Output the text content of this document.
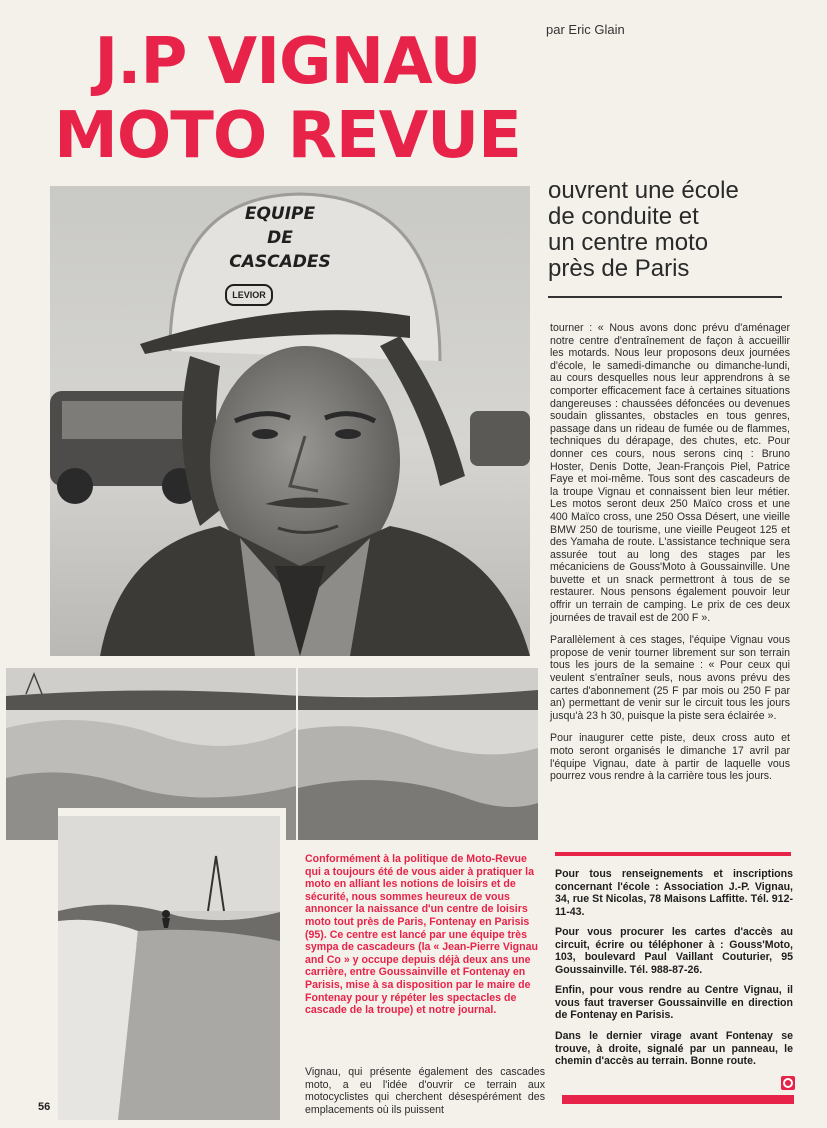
par Eric Glain
J.P VIGNAU
MOTO REVUE
ouvrent une école
de conduite et
un centre moto
près de Paris
EQUIPE
DE
CASCADES
LEVIOR

tourner : « Nous avons donc prévu d'aménager notre centre d'entraînement de façon à accueillir les motards. Nous leur proposons deux journées d'école, le samedi-dimanche ou dimanche-lundi, au cours desquelles nous leur apprendrons à se comporter efficacement face à certaines situations dangereuses : chaussées défoncées ou devenues soudain glissantes, obstacles en tous genres, passage dans un rideau de fumée ou de flammes, techniques du dérapage, des chutes, etc. Pour donner ces cours, nous serons cinq : Bruno Hoster, Denis Dotte, Jean-François Piel, Patrice Faye et moi-même. Tous sont des cascadeurs de la troupe Vignau et connaissent bien leur métier. Les motos seront deux 250 Maïco cross et une 400 Maïco cross, une 250 Ossa Désert, une vieille BMW 250 de tourisme, une vieille Peugeot 125 et des Yamaha de route. L'assistance technique sera assurée tout au long des stages par les mécaniciens de Gouss'Moto à Goussainville. Une buvette et un snack permettront à tous de se restaurer. Nous pensons également pouvoir leur offrir un terrain de camping. Le prix de ces deux journées de travail est de 200 F ».

Parallèlement à ces stages, l'équipe Vignau vous propose de venir tourner librement sur son terrain tous les jours de la semaine : « Pour ceux qui veulent s'entraîner seuls, nous avons prévu des cartes d'abonnement (25 F par mois ou 250 F par an) permettant de venir sur le circuit tous les jours jusqu'à 23 h 30, puisque la piste sera éclairée ».

Pour inaugurer cette piste, deux cross auto et moto seront organisés le dimanche 17 avril par l'équipe Vignau, date à partir de laquelle vous pourrez vous rendre à la carrière tous les jours.

Conformément à la politique de Moto-Revue qui a toujours été de vous aider à pratiquer la moto en alliant les notions de loisirs et de sécurité, nous sommes heureux de vous annoncer la naissance d'un centre de loisirs moto tout près de Paris, Fontenay en Parisis (95). Ce centre est lancé par une équipe très sympa de cascadeurs (la « Jean-Pierre Vignau and Co » y occupe depuis déjà deux ans une carrière, entre Goussainville et Fontenay en Parisis, mise à sa disposition par le maire de Fontenay pour y répéter les spectacles de cascade de la troupe) et notre journal.

Vignau, qui présente également des cascades moto, a eu l'idée d'ouvrir ce terrain aux motocyclistes qui cherchent désespérément des emplacements où ils puissent

Pour tous renseignements et inscriptions concernant l'école : Association J.-P. Vignau, 34, rue St Nicolas, 78 Maisons Laffitte. Tél. 912-11-43.
Pour vous procurer les cartes d'accès au circuit, écrire ou téléphoner à : Gouss'Moto, 103, boulevard Paul Vaillant Couturier, 95 Goussainville. Tél. 988-87-26.
Enfin, pour vous rendre au Centre Vignau, il vous faut traverser Goussainville en direction de Fontenay en Parisis.
Dans le dernier virage avant Fontenay se trouve, à droite, signalé par un panneau, le chemin d'accès au terrain. Bonne route.
56
